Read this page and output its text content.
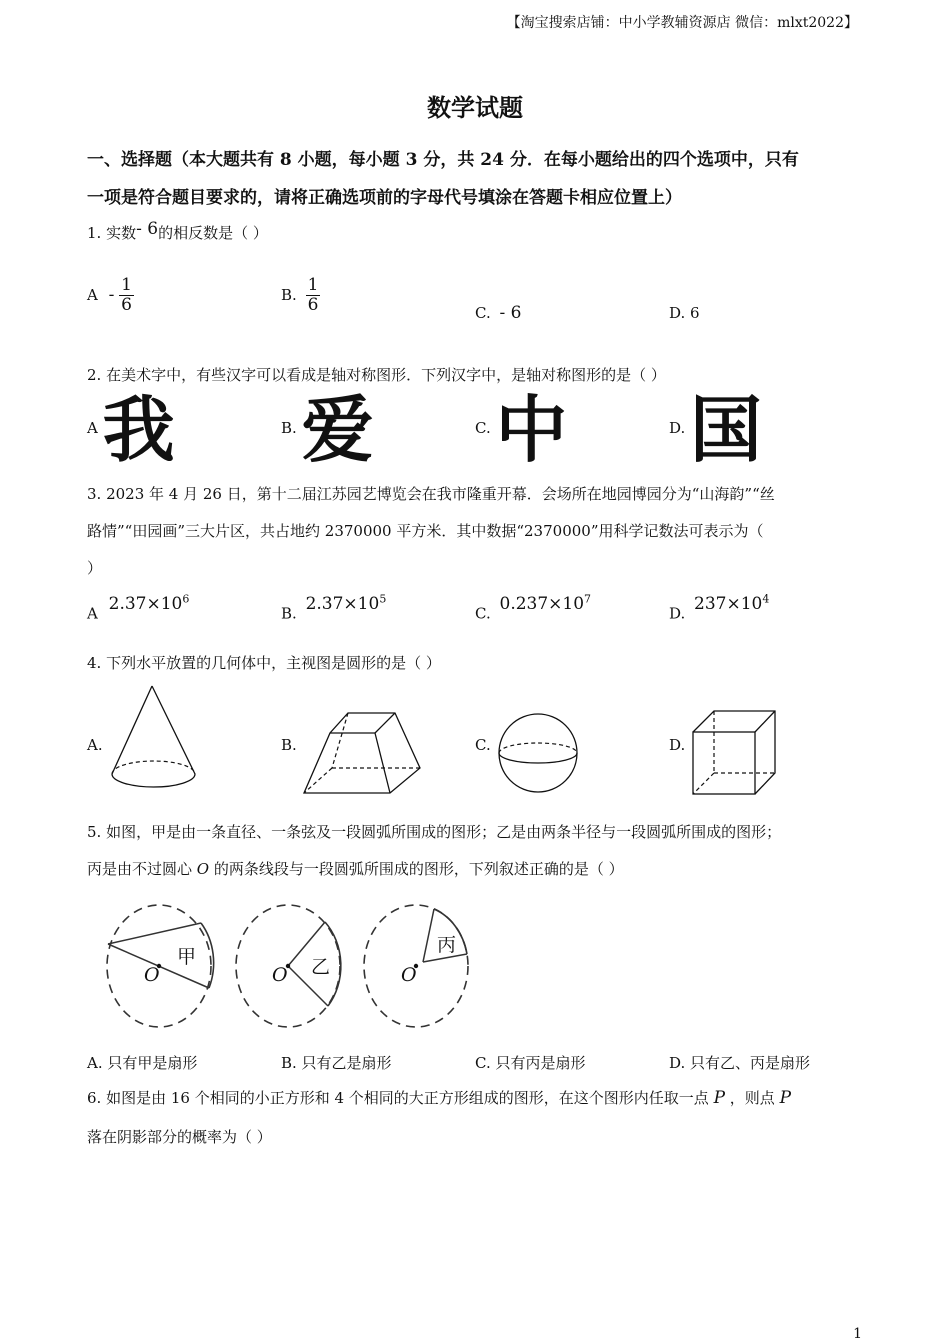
【淘宝搜索店铺：中小学教辅资源店 微信：mlxt2022】
数学试题
一、选择题（本大题共有 8 小题，每小题 3 分，共 24 分．在每小题给出的四个选项中，只有
一项是符合题目要求的，请将正确选项前的字母代号填涂在答题卡相应位置上）
1. 实数- 6的相反数是（ ）
A - $\frac{1}{6}$	B. $\frac{1}{6}$	C. - 6	D. 6
2. 在美术字中，有些汉字可以看成是轴对称图形．下列汉字中，是轴对称图形的是（ ）
A 我	B. 爱	C. 中	D. 国
3. 2023 年 4 月 26 日，第十二届江苏园艺博览会在我市隆重开幕．会场所在地园博园分为“山海韵”“丝
路情”“田园画”三大片区，共占地约 2370000 平方米．其中数据“2370000”用科学记数法可表示为（
）
A $2.37\times 10^6$
B. $2.37\times 10^5$
C. $0.237\times 10^7$
D. $237\times 10^4$
4. 下列水平放置的几何体中，主视图是圆形的是（ ）
A.	B.	C.	D.
5. 如图，甲是由一条直径、一条弦及一段圆弧所围成的图形；乙是由两条半径与一段圆弧所围成的图形；
丙是由不过圆心 O 的两条线段与一段圆弧所围成的图形，下列叙述正确的是（ ）
甲
O	乙
O
丙
O
A. 只有甲是扇形	B. 只有乙是扇形	C. 只有丙是扇形	D. 只有乙、丙是扇形
6. 如图是由 16 个相同的小正方形和 4 个相同的大正方形组成的图形，在这个图形内任取一点 P ，则点 P
落在阴影部分的概率为（ ）
1
